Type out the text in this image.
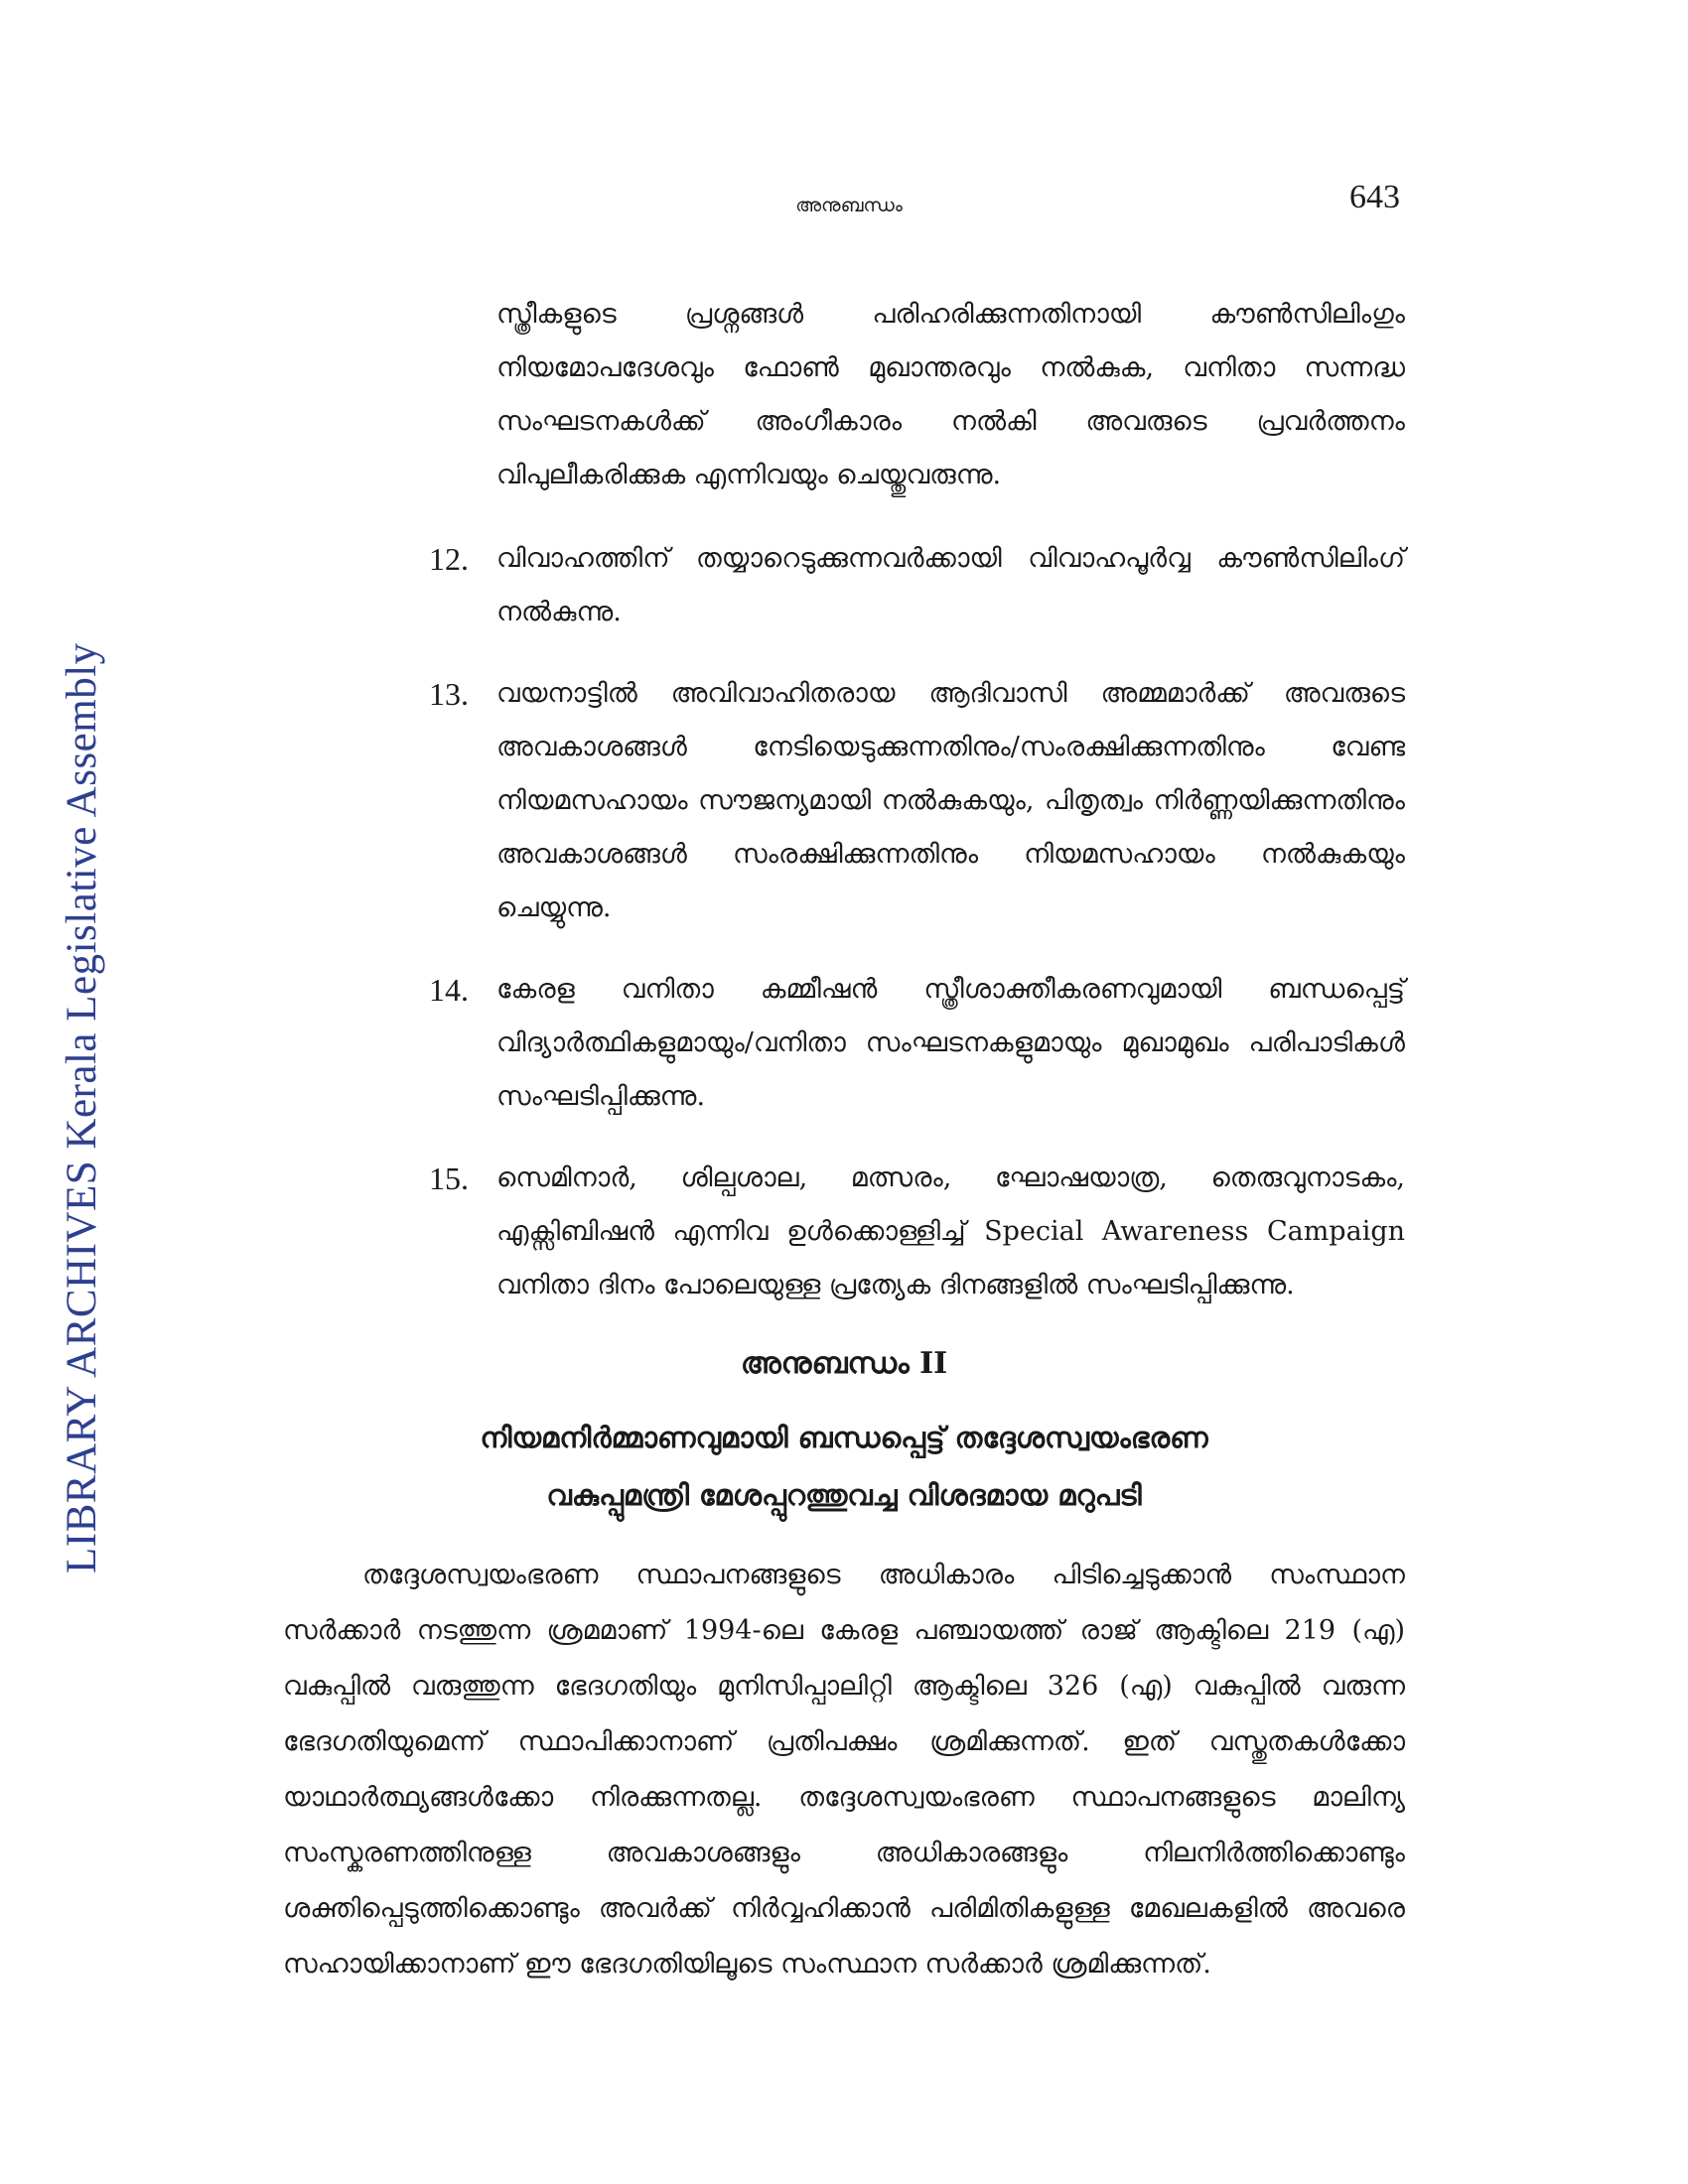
LIBRARY ARCHIVES Kerala Legislative Assembly
അനുബന്ധം	643

സ്ത്രീകളുടെ പ്രശ്നങ്ങൾ പരിഹരിക്കുന്നതിനായി കൗൺസിലിംഗും നിയമോപദേശവും ഫോൺ മുഖാന്തരവും നൽകുക, വനിതാ സന്നദ്ധ സംഘടനകൾക്ക് അംഗീകാരം നൽകി അവരുടെ പ്രവർത്തനം വിപുലീകരിക്കുക എന്നിവയും ചെയ്തുവരുന്നു.

12. വിവാഹത്തിന് തയ്യാറെടുക്കുന്നവർക്കായി വിവാഹപൂർവ്വ കൗൺസിലിംഗ് നൽകുന്നു.
13. വയനാട്ടിൽ അവിവാഹിതരായ ആദിവാസി അമ്മമാർക്ക് അവരുടെ അവകാശങ്ങൾ നേടിയെടുക്കുന്നതിനും/സംരക്ഷിക്കുന്നതിനും വേണ്ട നിയമസഹായം സൗജന്യമായി നൽകുകയും, പിതൃത്വം നിർണ്ണയിക്കുന്നതിനും അവകാശങ്ങൾ സംരക്ഷിക്കുന്നതിനും നിയമസഹായം നൽകുകയും ചെയ്യുന്നു.
14. കേരള വനിതാ കമ്മീഷൻ സ്ത്രീശാക്തീകരണവുമായി ബന്ധപ്പെട്ട് വിദ്യാർത്ഥികളുമായും/വനിതാ സംഘടനകളുമായും മുഖാമുഖം പരിപാടികൾ സംഘടിപ്പിക്കുന്നു.
15. സെമിനാർ, ശില്പശാല, മത്സരം, ഘോഷയാത്ര, തെരുവുനാടകം, എക്സിബിഷൻ എന്നിവ ഉൾക്കൊള്ളിച്ച് Special Awareness Campaign വനിതാ ദിനം പോലെയുള്ള പ്രത്യേക ദിനങ്ങളിൽ സംഘടിപ്പിക്കുന്നു.
അനുബന്ധം II
നിയമനിർമ്മാണവുമായി ബന്ധപ്പെട്ട് തദ്ദേശസ്വയംഭരണ
വകുപ്പുമന്ത്രി മേശപ്പുറത്തുവച്ച വിശദമായ മറുപടി

തദ്ദേശസ്വയംഭരണ സ്ഥാപനങ്ങളുടെ അധികാരം പിടിച്ചെടുക്കാൻ സംസ്ഥാന സർക്കാർ നടത്തുന്ന ശ്രമമാണ് 1994-ലെ കേരള പഞ്ചായത്ത് രാജ് ആക്ടിലെ 219 (എ) വകുപ്പിൽ വരുത്തുന്ന ഭേദഗതിയും മുനിസിപ്പാലിറ്റി ആക്ടിലെ 326 (എ) വകുപ്പിൽ വരുന്ന ഭേദഗതിയുമെന്ന് സ്ഥാപിക്കാനാണ് പ്രതിപക്ഷം ശ്രമിക്കുന്നത്. ഇത് വസ്തുതകൾക്കോ യാഥാർത്ഥ്യങ്ങൾക്കോ നിരക്കുന്നതല്ല. തദ്ദേശസ്വയംഭരണ സ്ഥാപനങ്ങളുടെ മാലിന്യ സംസ്കരണത്തിനുള്ള അവകാശങ്ങളും അധികാരങ്ങളും നിലനിർത്തിക്കൊണ്ടും ശക്തിപ്പെടുത്തിക്കൊണ്ടും അവർക്ക് നിർവ്വഹിക്കാൻ പരിമിതികളുള്ള മേഖലകളിൽ അവരെ സഹായിക്കാനാണ് ഈ ഭേദഗതിയിലൂടെ സംസ്ഥാന സർക്കാർ ശ്രമിക്കുന്നത്.
